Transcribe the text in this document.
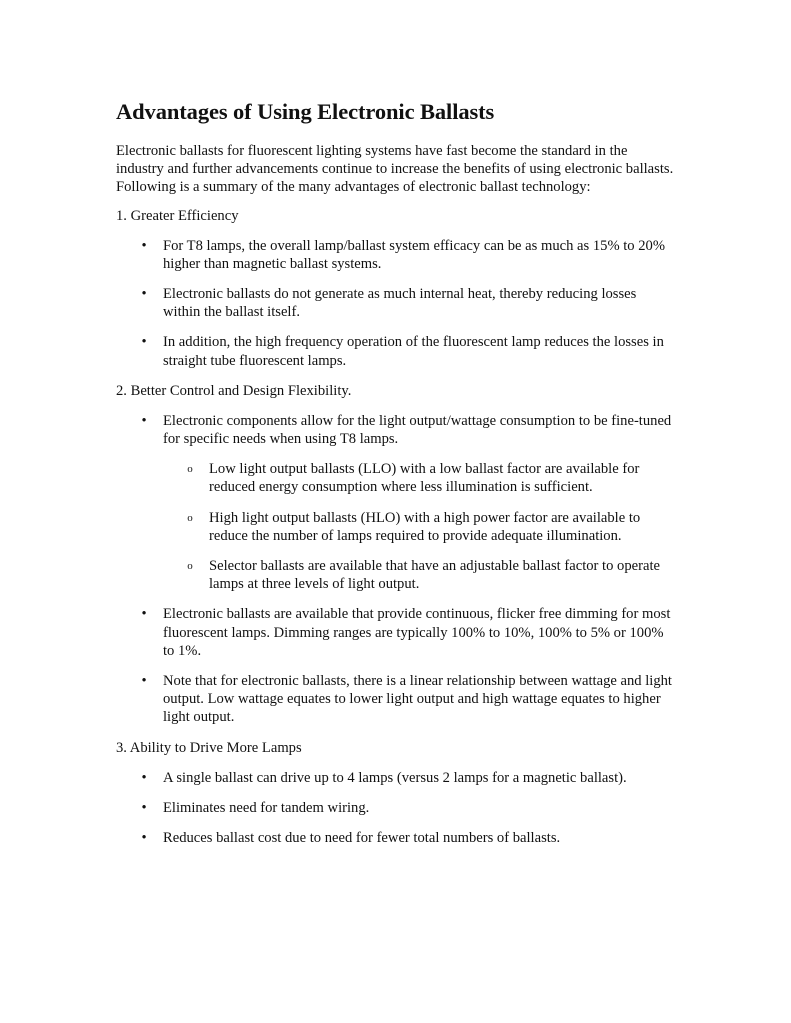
Advantages of Using Electronic Ballasts

Electronic ballasts for fluorescent lighting systems have fast become the standard in the industry and further advancements continue to increase the benefits of using electronic ballasts. Following is a summary of the many advantages of electronic ballast technology:

1. Greater Efficiency
• For T8 lamps, the overall lamp/ballast system efficacy can be as much as 15% to 20% higher than magnetic ballast systems.
• Electronic ballasts do not generate as much internal heat, thereby reducing losses within the ballast itself.
• In addition, the high frequency operation of the fluorescent lamp reduces the losses in straight tube fluorescent lamps.
2. Better Control and Design Flexibility.
• Electronic components allow for the light output/wattage consumption to be fine-tuned for specific needs when using T8 lamps.
o Low light output ballasts (LLO) with a low ballast factor are available for reduced energy consumption where less illumination is sufficient.
o High light output ballasts (HLO) with a high power factor are available to reduce the number of lamps required to provide adequate illumination.
o Selector ballasts are available that have an adjustable ballast factor to operate lamps at three levels of light output.
• Electronic ballasts are available that provide continuous, flicker free dimming for most fluorescent lamps. Dimming ranges are typically 100% to 10%, 100% to 5% or 100% to 1%.
• Note that for electronic ballasts, there is a linear relationship between wattage and light output. Low wattage equates to lower light output and high wattage equates to higher light output.
3. Ability to Drive More Lamps
• A single ballast can drive up to 4 lamps (versus 2 lamps for a magnetic ballast).
• Eliminates need for tandem wiring.
• Reduces ballast cost due to need for fewer total numbers of ballasts.
